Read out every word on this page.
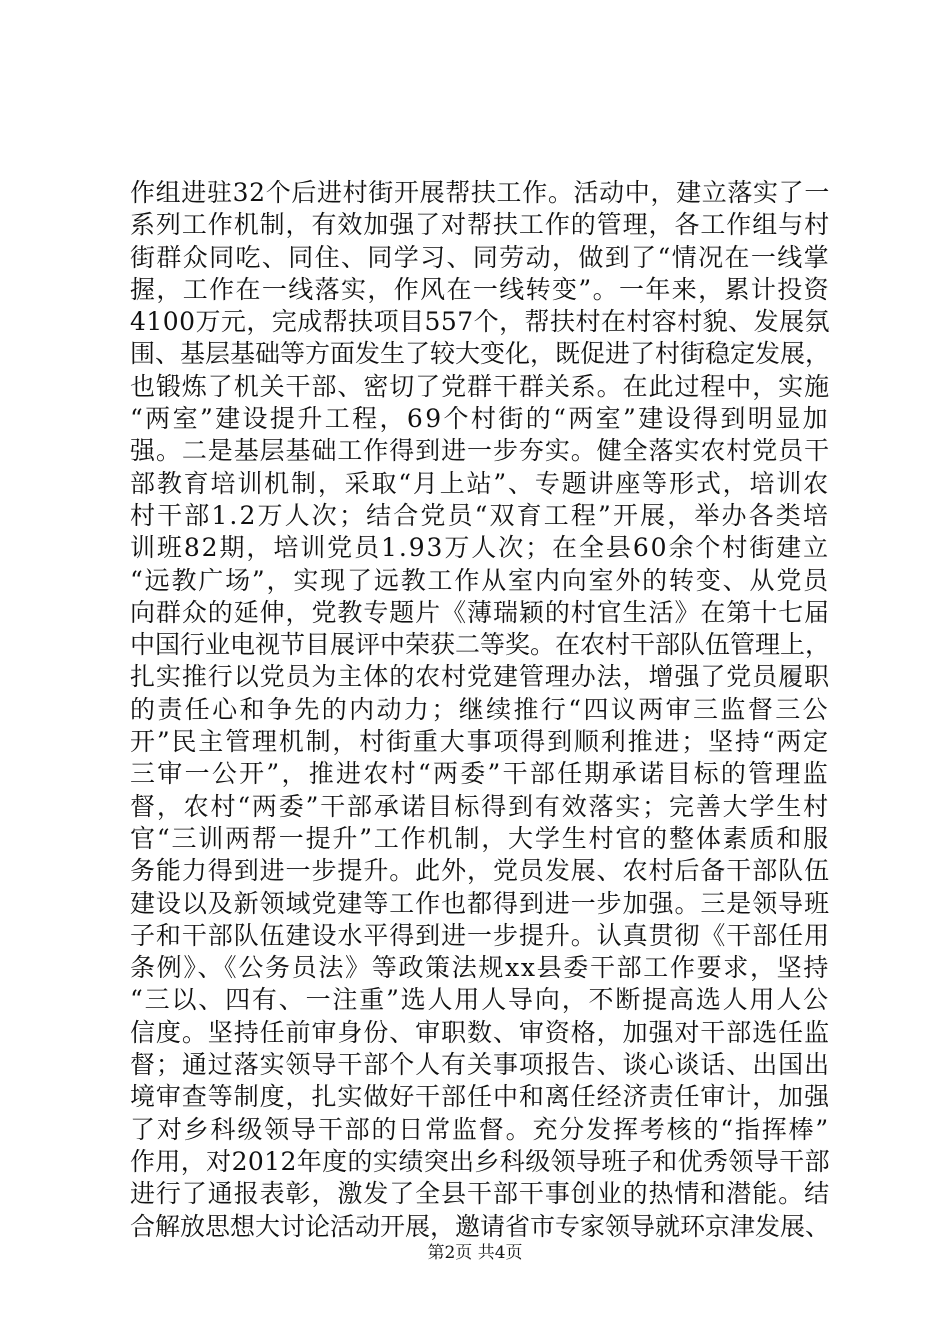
作组进驻32个后进村街开展帮扶工作。活动中，建立落实了一
系列工作机制，有效加强了对帮扶工作的管理，各工作组与村
街群众同吃、同住、同学习、同劳动，做到了“情况在一线掌
握，工作在一线落实，作风在一线转变”。一年来，累计投资
4100万元，完成帮扶项目557个，帮扶村在村容村貌、发展氛
围、基层基础等方面发生了较大变化，既促进了村街稳定发展，
也锻炼了机关干部、密切了党群干群关系。在此过程中，实施
“两室”建设提升工程，69个村街的“两室”建设得到明显加
强。二是基层基础工作得到进一步夯实。健全落实农村党员干
部教育培训机制，采取“月上站”、专题讲座等形式，培训农
村干部1.2万人次；结合党员“双育工程”开展，举办各类培
训班82期，培训党员1.93万人次；在全县60余个村街建立
“远教广场”，实现了远教工作从室内向室外的转变、从党员
向群众的延伸，党教专题片《薄瑞颖的村官生活》在第十七届
中国行业电视节目展评中荣获二等奖。在农村干部队伍管理上，
扎实推行以党员为主体的农村党建管理办法，增强了党员履职
的责任心和争先的内动力；继续推行“四议两审三监督三公
开”民主管理机制，村街重大事项得到顺利推进；坚持“两定
三审一公开”，推进农村“两委”干部任期承诺目标的管理监
督，农村“两委”干部承诺目标得到有效落实；完善大学生村
官“三训两帮一提升”工作机制，大学生村官的整体素质和服
务能力得到进一步提升。此外，党员发展、农村后备干部队伍
建设以及新领域党建等工作也都得到进一步加强。三是领导班
子和干部队伍建设水平得到进一步提升。认真贯彻《干部任用
条例》、《公务员法》等政策法规xx县委干部工作要求，坚持
“三以、四有、一注重”选人用人导向，不断提高选人用人公
信度。坚持任前审身份、审职数、审资格，加强对干部选任监
督；通过落实领导干部个人有关事项报告、谈心谈话、出国出
境审查等制度，扎实做好干部任中和离任经济责任审计，加强
了对乡科级领导干部的日常监督。充分发挥考核的“指挥棒”
作用，对2012年度的实绩突出乡科级领导班子和优秀领导干部
进行了通报表彰，激发了全县干部干事创业的热情和潜能。结
合解放思想大讨论活动开展，邀请省市专家领导就环京津发展、
第2页 共4页
